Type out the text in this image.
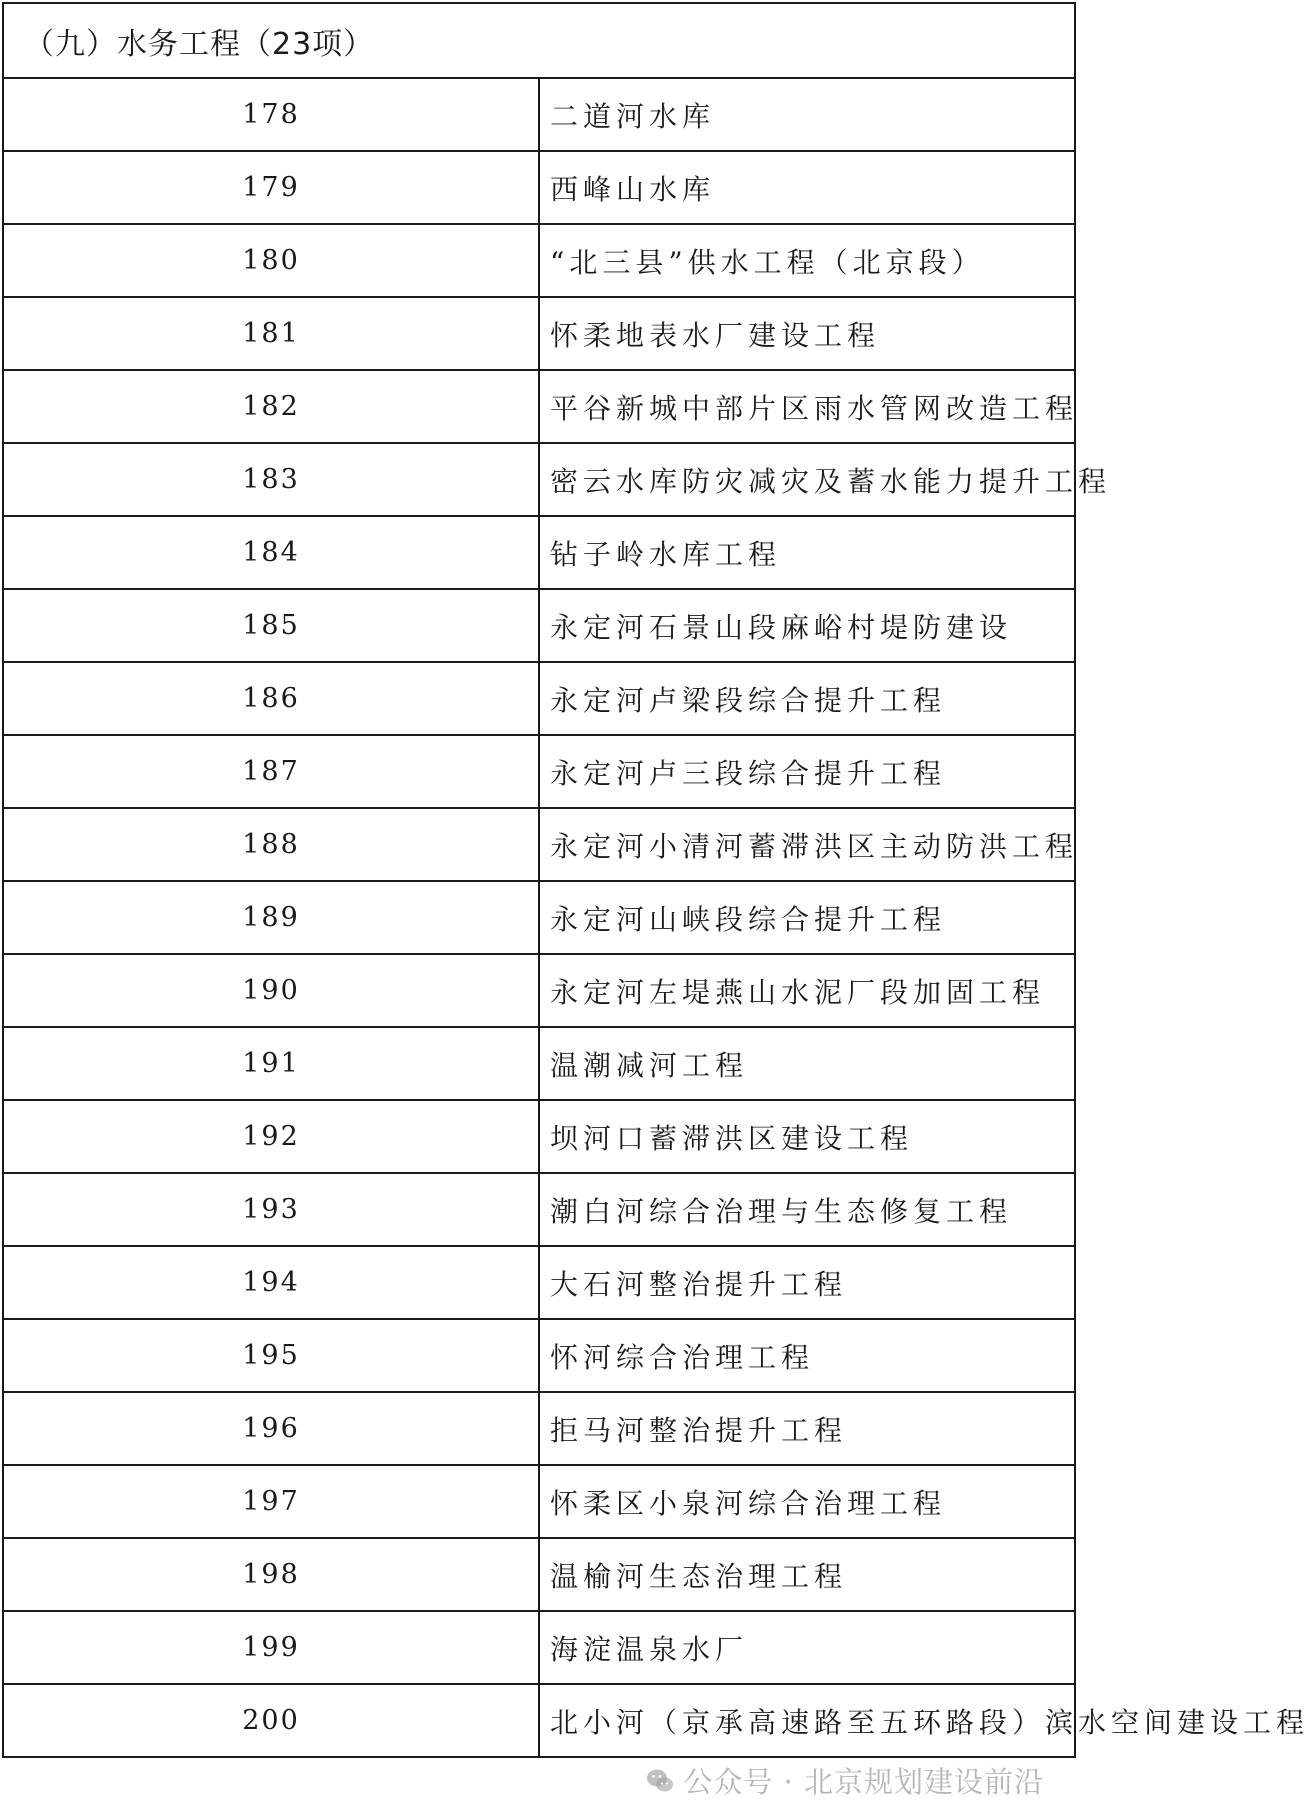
（九）水务工程（23项）	
178	二道河水库
179	西峰山水库
180	“北三县”供水工程（北京段）
181	怀柔地表水厂建设工程
182	平谷新城中部片区雨水管网改造工程
183	密云水库防灾减灾及蓄水能力提升工程
184	钻子岭水库工程
185	永定河石景山段麻峪村堤防建设
186	永定河卢梁段综合提升工程
187	永定河卢三段综合提升工程
188	永定河小清河蓄滞洪区主动防洪工程
189	永定河山峡段综合提升工程
190	永定河左堤燕山水泥厂段加固工程
191	温潮减河工程
192	坝河口蓄滞洪区建设工程
193	潮白河综合治理与生态修复工程
194	大石河整治提升工程
195	怀河综合治理工程
196	拒马河整治提升工程
197	怀柔区小泉河综合治理工程
198	温榆河生态治理工程
199	海淀温泉水厂
200	北小河（京承高速路至五环路段）滨水空间建设工程
公众号 · 北京规划建设前沿
